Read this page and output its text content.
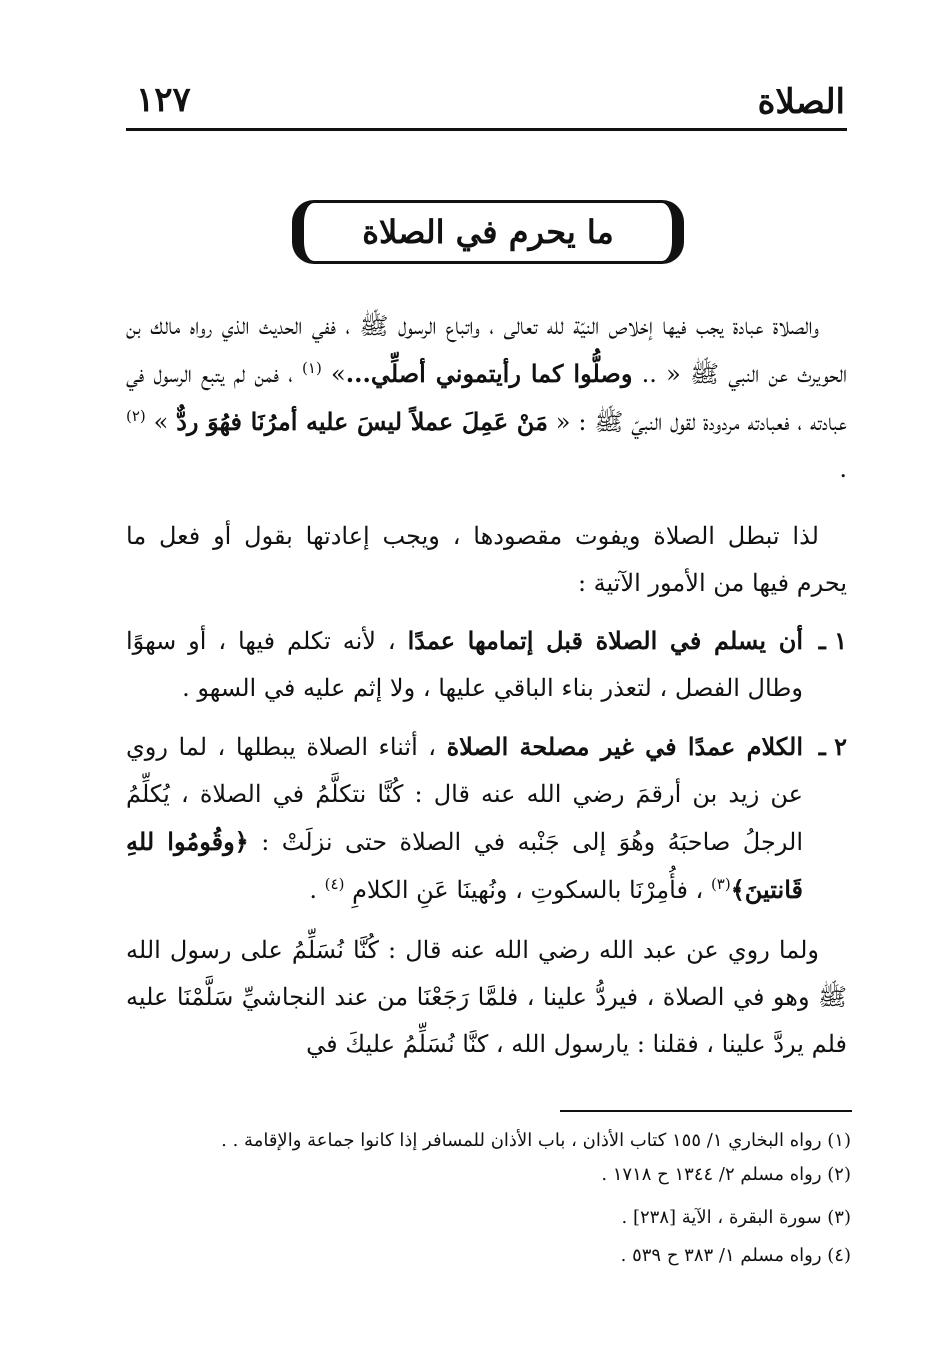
الصلاة
١٢٧
ما يحرم في الصلاة
والصلاة عبادة يجب فيها إخلاص النيّة لله تعالى ، واتباع الرسول ﷺ ، ففي الحديث الذي رواه مالك بن الحويرث عن النبي ﷺ « .. وصلُّوا كما رأيتموني أصلِّي...» $^{(١)}$ ، فمن لم يتبع الرسول في عبادته ، فعبادته مردودة لقول النبيّ ﷺ : « مَنْ عَمِلَ عملاً ليسَ عليه أمرُنَا فهُوَ ردٌّ » $^{(٢)}$ .
لذا تبطل الصلاة ويفوت مقصودها ، ويجب إعادتها بقول أو فعل ما يحرم فيها من الأمور الآتية :
١ ـ
أن يسلم في الصلاة قبل إتمامها عمدًا ، لأنه تكلم فيها ، أو سهوًا وطال الفصل ، لتعذر بناء الباقي عليها ، ولا إثم عليه في السهو .
٢ ـ
الكلام عمدًا في غير مصلحة الصلاة ، أثناء الصلاة يبطلها ، لما روي عن زيد بن أرقمَ رضي الله عنه قال : كُنَّا نتكلَّمُ في الصلاة ، يُكلِّمُ الرجلُ صاحبَهُ وهُوَ إلى جَنْبه في الصلاة حتى نزلَتْ : ﴿وقُومُوا للهِ قَانتينَ﴾$^{(٣)}$ ، فأُمِرْنَا بالسكوتِ ، ونُهينَا عَنِ الكلامِ $^{(٤)}$ .
ولما روي عن عبد الله رضي الله عنه قال : كُنَّا نُسَلِّمُ على رسول الله ﷺ وهو في الصلاة ، فيردُّ علينا ، فلمَّا رَجَعْنَا من عند النجاشيِّ سَلَّمْنَا عليه فلم يردَّ علينا ، فقلنا : يارسول الله ، كنَّا نُسَلِّمُ عليكَ في
(١) رواه البخاري ١/ ١٥٥ كتاب الأذان ، باب الأذان للمسافر إذا كانوا جماعة والإقامة . .
(٢) رواه مسلم ٢/ ١٣٤٤ ح ١٧١٨ .
(٣) سورة البقرة ، الآية [٢٣٨] .
(٤) رواه مسلم ١/ ٣٨٣ ح ٥٣٩ .
